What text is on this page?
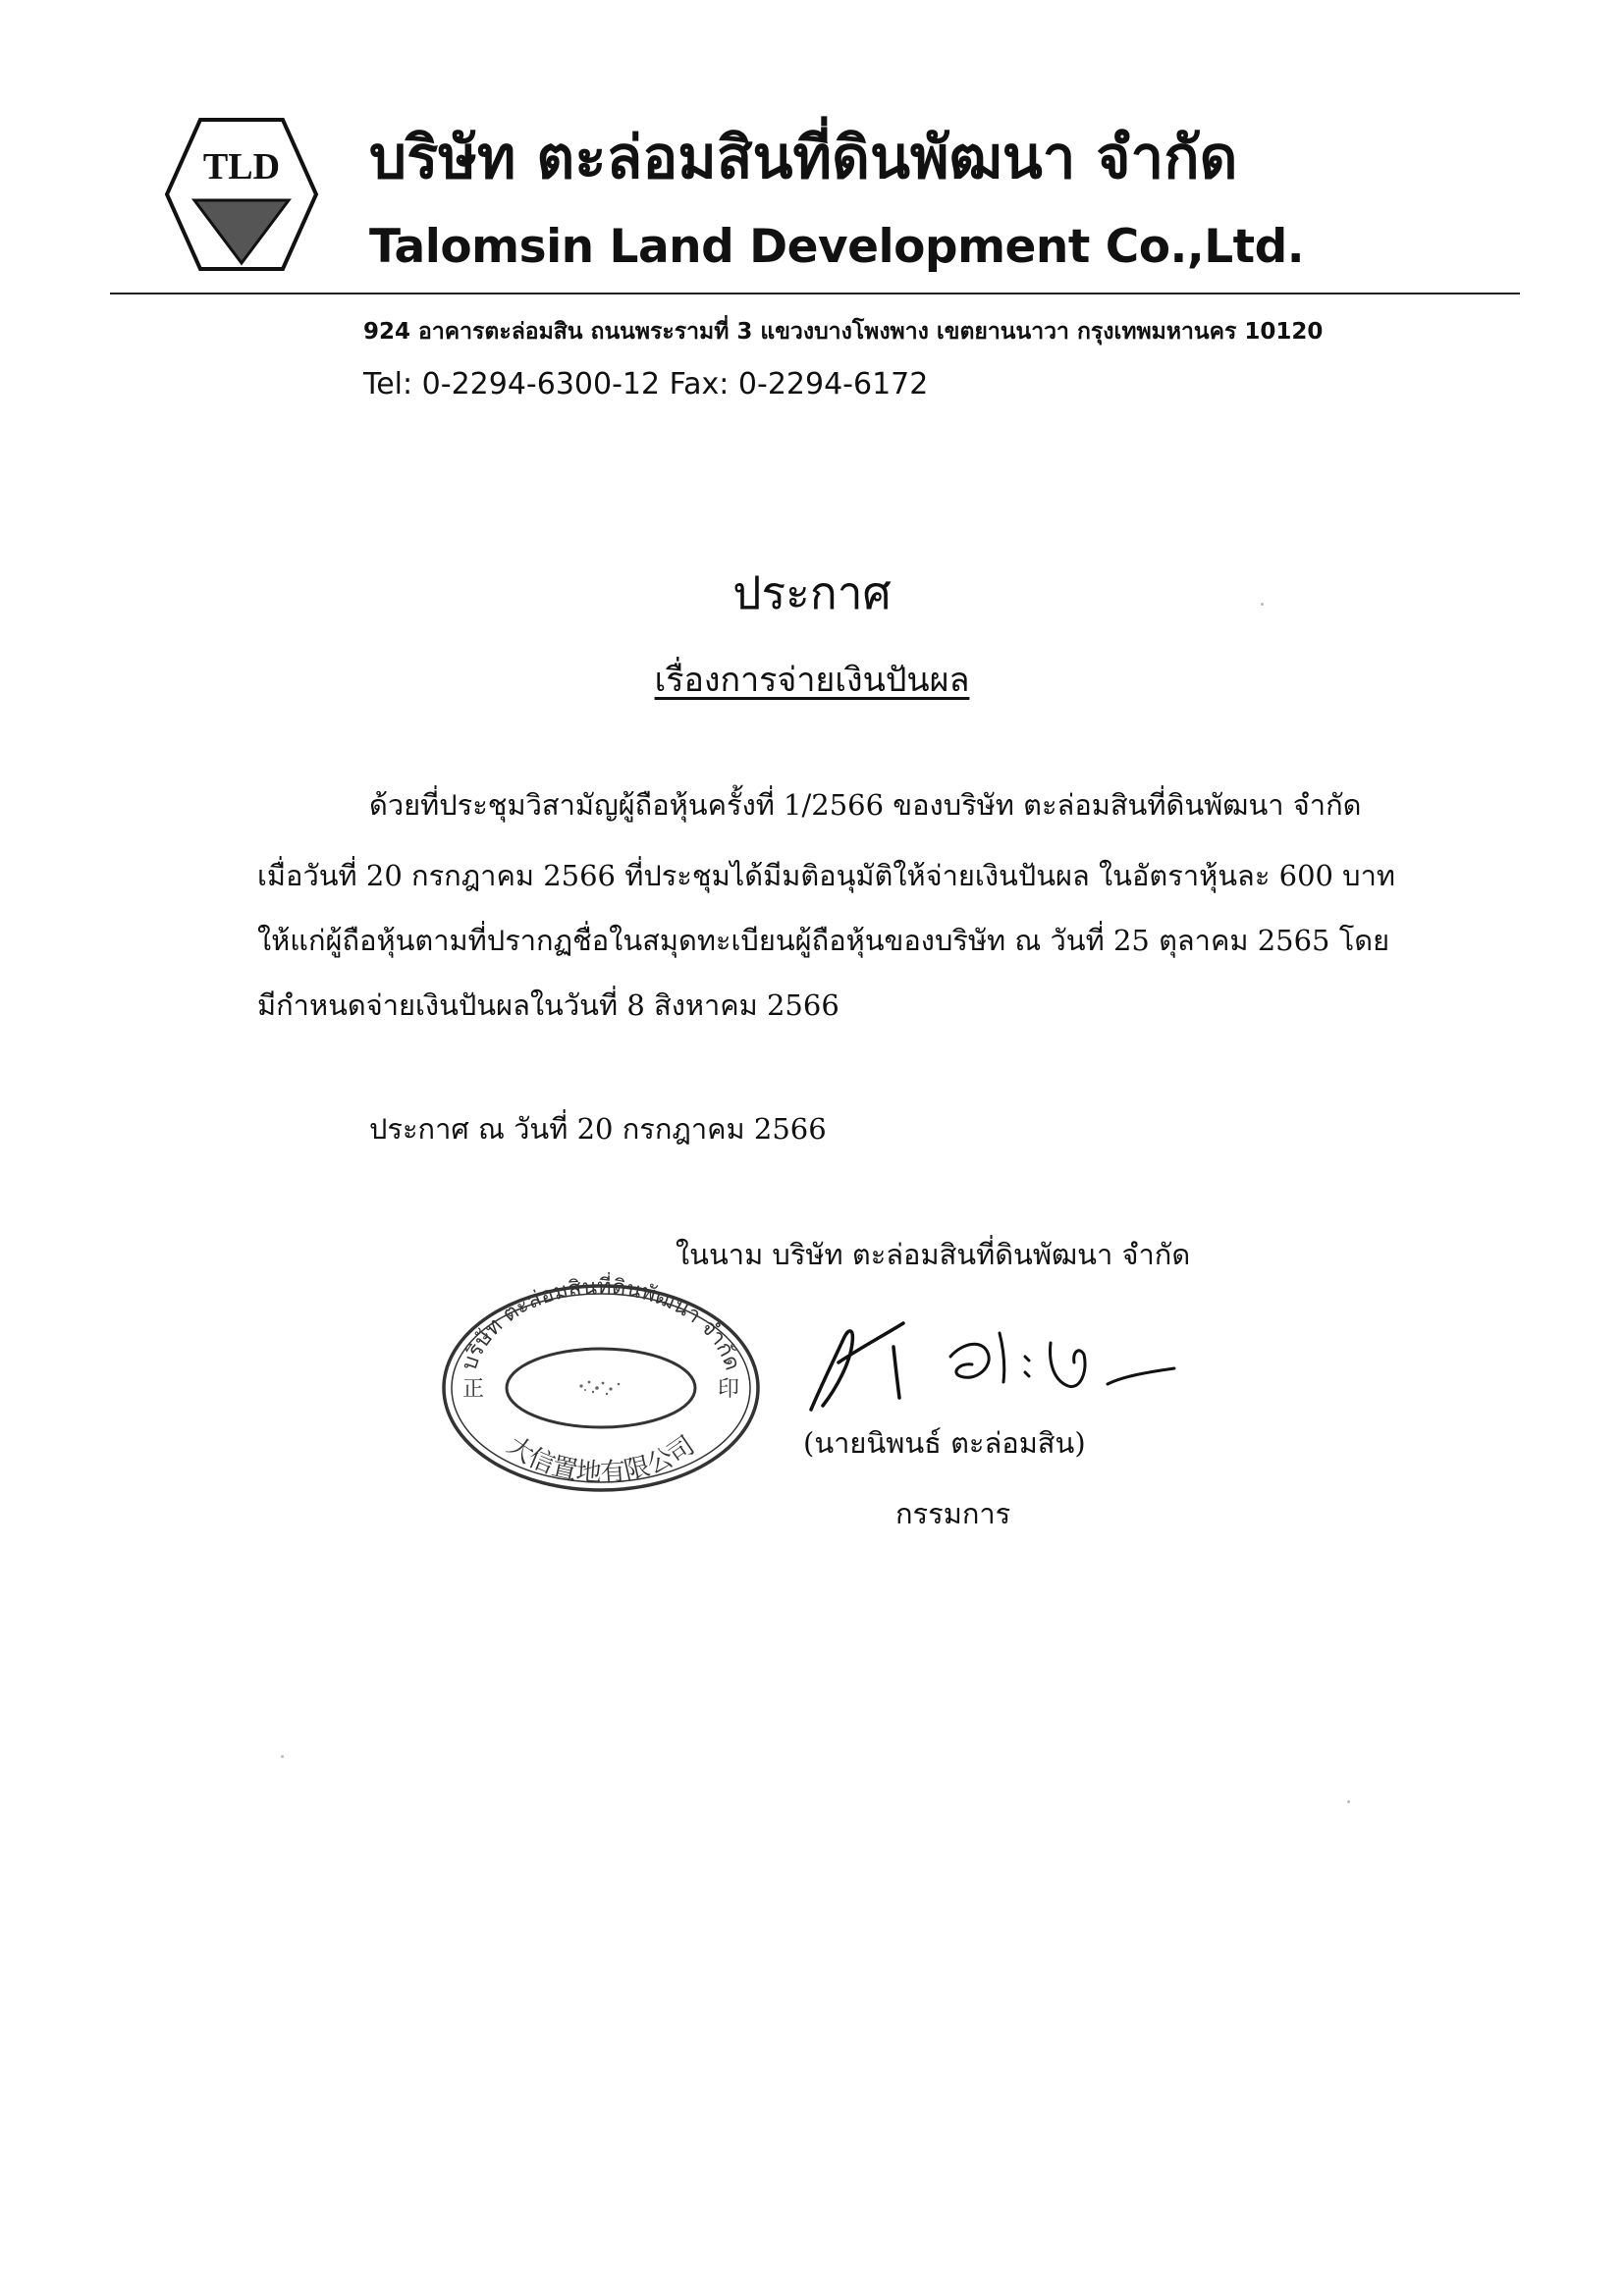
TLD บริษัท ตะล่อมสินที่ดินพัฒนา จำกัด
Talomsin Land Development Co.,Ltd.
924 อาคารตะล่อมสิน ถนนพระรามที่ 3 แขวงบางโพงพาง เขตยานนาวา กรุงเทพมหานคร 10120
Tel: 0-2294-6300-12 Fax: 0-2294-6172
ประกาศ
เรื่องการจ่ายเงินปันผล
ด้วยที่ประชุมวิสามัญผู้ถือหุ้นครั้งที่ 1/2566 ของบริษัท ตะล่อมสินที่ดินพัฒนา จำกัด
เมื่อวันที่ 20 กรกฎาคม 2566 ที่ประชุมได้มีมติอนุมัติให้จ่ายเงินปันผล ในอัตราหุ้นละ 600 บาท
ให้แก่ผู้ถือหุ้นตามที่ปรากฏชื่อในสมุดทะเบียนผู้ถือหุ้นของบริษัท ณ วันที่ 25 ตุลาคม 2565 โดย
มีกำหนดจ่ายเงินปันผลในวันที่ 8 สิงหาคม 2566
ประกาศ ณ วันที่ 20 กรกฎาคม 2566
ในนาม บริษัท ตะล่อมสินที่ดินพัฒนา จำกัด
บริษัท ตะล่อมสินที่ดินพัฒนา จำกัด
大信置地有限公司
正	印
(นายนิพนธ์ ตะล่อมสิน)
กรรมการ
